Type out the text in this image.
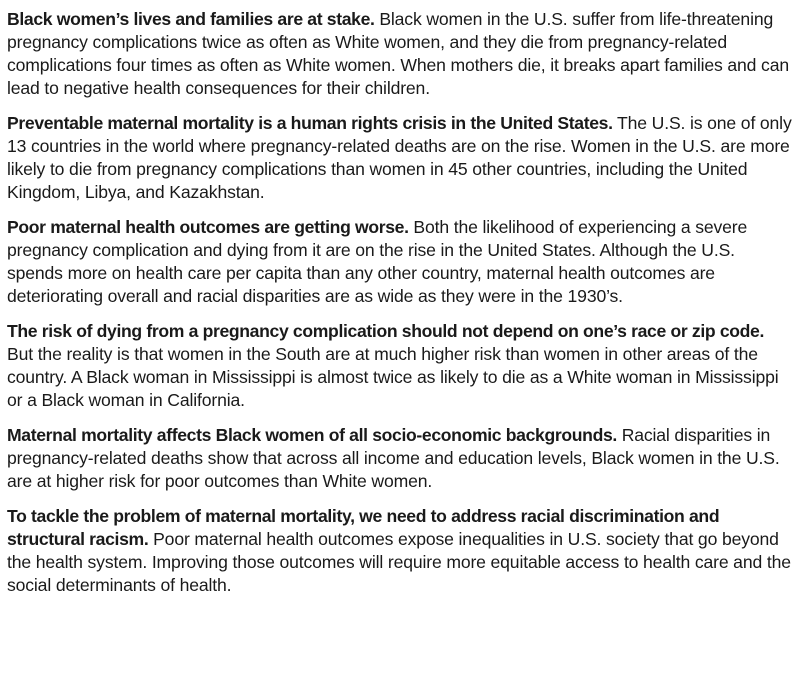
Black women’s lives and families are at stake. Black women in the U.S. suffer from life-threatening pregnancy complications twice as often as White women, and they die from pregnancy-related complications four times as often as White women. When mothers die, it breaks apart families and can lead to negative health consequences for their children.

Preventable maternal mortality is a human rights crisis in the United States. The U.S. is one of only 13 countries in the world where pregnancy-related deaths are on the rise. Women in the U.S. are more likely to die from pregnancy complications than women in 45 other countries, including the United Kingdom, Libya, and Kazakhstan.

Poor maternal health outcomes are getting worse. Both the likelihood of experiencing a severe pregnancy complication and dying from it are on the rise in the United States. Although the U.S. spends more on health care per capita than any other country, maternal health outcomes are deteriorating overall and racial disparities are as wide as they were in the 1930’s.

The risk of dying from a pregnancy complication should not depend on one’s race or zip code. But the reality is that women in the South are at much higher risk than women in other areas of the country. A Black woman in Mississippi is almost twice as likely to die as a White woman in Mississippi or a Black woman in California.

Maternal mortality affects Black women of all socio-economic backgrounds. Racial disparities in pregnancy-related deaths show that across all income and education levels, Black women in the U.S. are at higher risk for poor outcomes than White women.

To tackle the problem of maternal mortality, we need to address racial discrimination and structural racism. Poor maternal health outcomes expose inequalities in U.S. society that go beyond the health system. Improving those outcomes will require more equitable access to health care and the social determinants of health.
